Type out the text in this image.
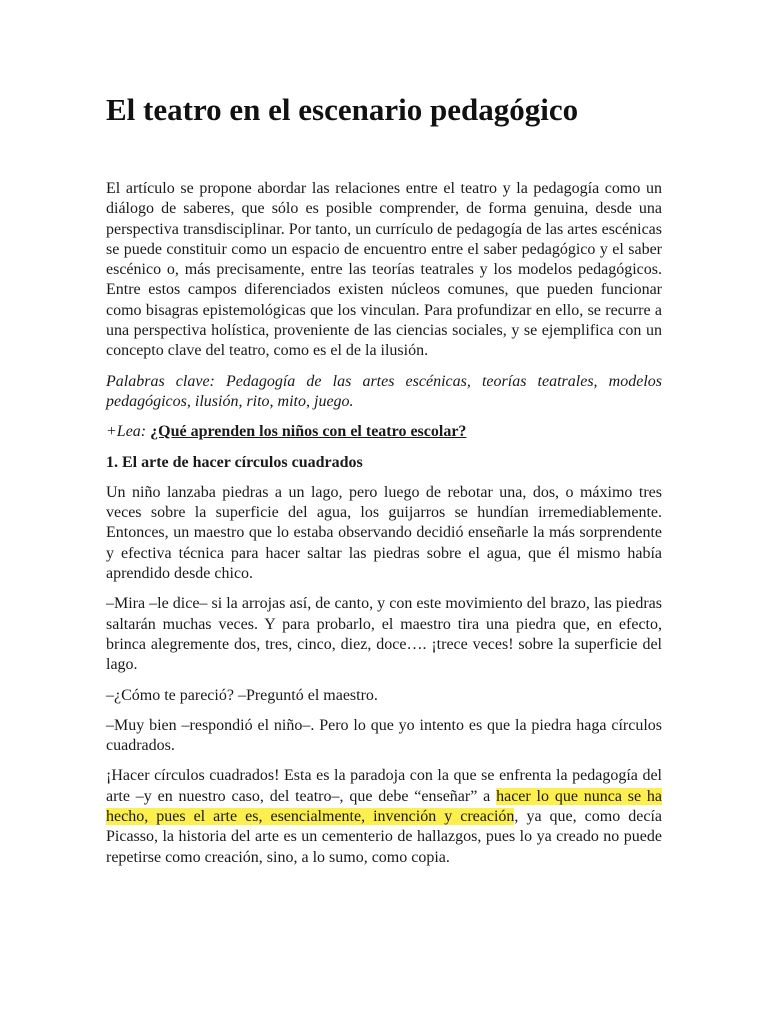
El teatro en el escenario pedagógico

El artículo se propone abordar las relaciones entre el teatro y la pedagogía como un diálogo de saberes, que sólo es posible comprender, de forma genuina, desde una perspectiva transdisciplinar. Por tanto, un currículo de pedagogía de las artes escénicas se puede constituir como un espacio de encuentro entre el saber pedagógico y el saber escénico o, más precisamente, entre las teorías teatrales y los modelos pedagógicos. Entre estos campos diferenciados existen núcleos comunes, que pueden funcionar como bisagras epistemológicas que los vinculan. Para profundizar en ello, se recurre a una perspectiva holística, proveniente de las ciencias sociales, y se ejemplifica con un concepto clave del teatro, como es el de la ilusión.

Palabras clave: Pedagogía de las artes escénicas, teorías teatrales, modelos pedagógicos, ilusión, rito, mito, juego.

+Lea: ¿Qué aprenden los niños con el teatro escolar?

1. El arte de hacer círculos cuadrados

Un niño lanzaba piedras a un lago, pero luego de rebotar una, dos, o máximo tres veces sobre la superficie del agua, los guijarros se hundían irremediablemente. Entonces, un maestro que lo estaba observando decidió enseñarle la más sorprendente y efectiva técnica para hacer saltar las piedras sobre el agua, que él mismo había aprendido desde chico.

–Mira –le dice– si la arrojas así, de canto, y con este movimiento del brazo, las piedras saltarán muchas veces. Y para probarlo, el maestro tira una piedra que, en efecto, brinca alegremente dos, tres, cinco, diez, doce…. ¡trece veces! sobre la superficie del lago.

–¿Cómo te pareció? –Preguntó el maestro.

–Muy bien –respondió el niño–. Pero lo que yo intento es que la piedra haga círculos cuadrados.

¡Hacer círculos cuadrados! Esta es la paradoja con la que se enfrenta la pedagogía del arte –y en nuestro caso, del teatro–, que debe “enseñar” a hacer lo que nunca se ha hecho, pues el arte es, esencialmente, invención y creación, ya que, como decía Picasso, la historia del arte es un cementerio de hallazgos, pues lo ya creado no puede repetirse como creación, sino, a lo sumo, como copia.
